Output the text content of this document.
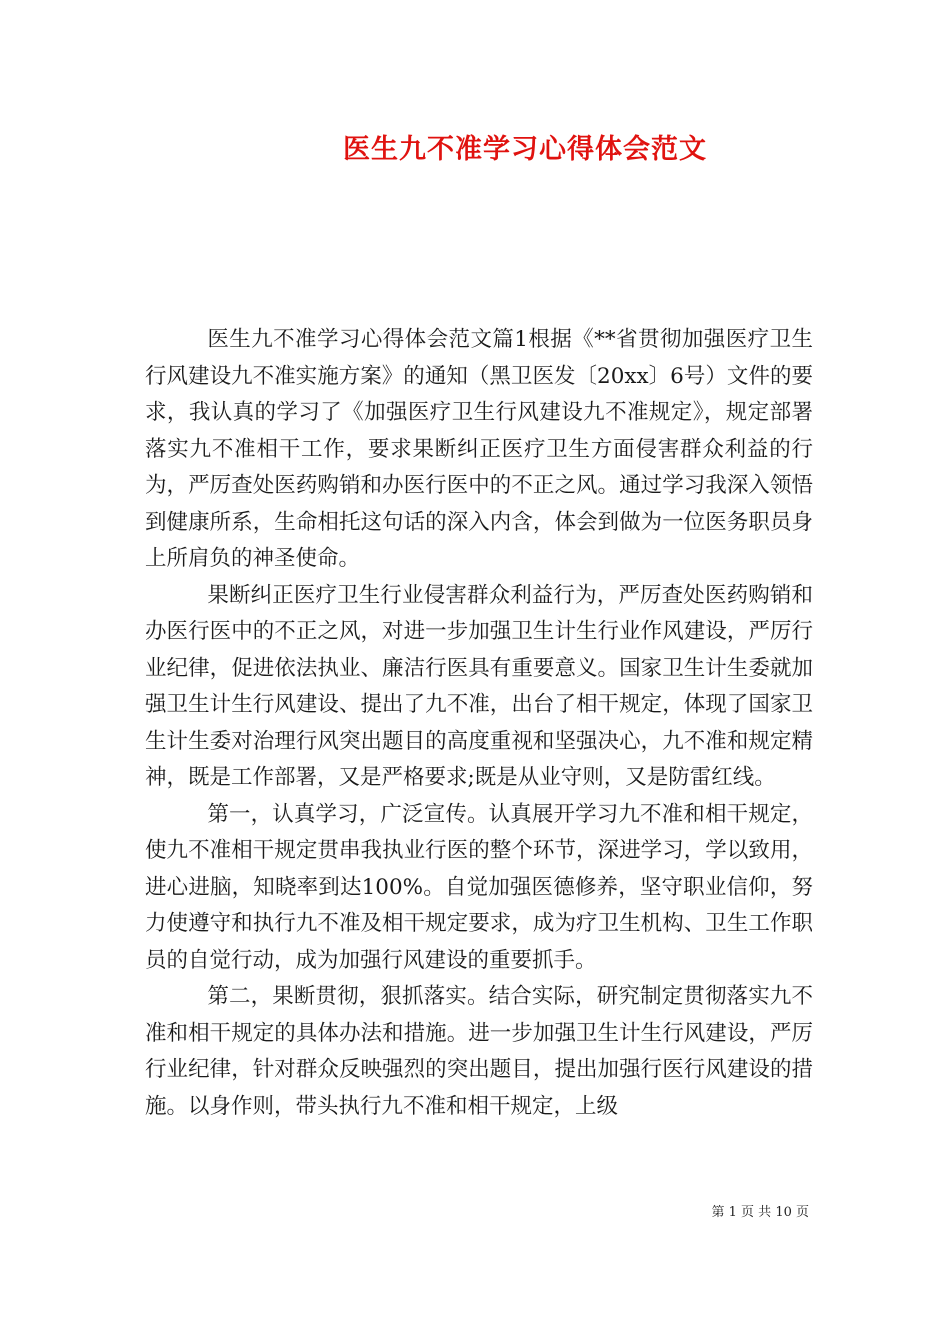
医生九不准学习心得体会范文

医生九不准学习心得体会范文篇1根据《**省贯彻加强医疗卫生行风建设九不准实施方案》的通知（黑卫医发〔20xx〕6号）文件的要求，我认真的学习了《加强医疗卫生行风建设九不准规定》，规定部署落实九不准相干工作，要求果断纠正医疗卫生方面侵害群众利益的行为，严厉查处医药购销和办医行医中的不正之风。通过学习我深入领悟到健康所系，生命相托这句话的深入内含，体会到做为一位医务职员身上所肩负的神圣使命。

果断纠正医疗卫生行业侵害群众利益行为，严厉查处医药购销和办医行医中的不正之风，对进一步加强卫生计生行业作风建设，严厉行业纪律，促进依法执业、廉洁行医具有重要意义。国家卫生计生委就加强卫生计生行风建设、提出了九不准，出台了相干规定，体现了国家卫生计生委对治理行风突出题目的高度重视和坚强决心，九不准和规定精神，既是工作部署，又是严格要求;既是从业守则，又是防雷红线。

第一，认真学习，广泛宣传。认真展开学习九不准和相干规定，使九不准相干规定贯串我执业行医的整个环节，深进学习，学以致用，进心进脑，知晓率到达100%。自觉加强医德修养，坚守职业信仰，努力使遵守和执行九不准及相干规定要求，成为疗卫生机构、卫生工作职员的自觉行动，成为加强行风建设的重要抓手。

第二，果断贯彻，狠抓落实。结合实际，研究制定贯彻落实九不准和相干规定的具体办法和措施。进一步加强卫生计生行风建设，严厉行业纪律，针对群众反映强烈的突出题目，提出加强行医行风建设的措施。以身作则，带头执行九不准和相干规定，上级

第 1 页 共 10 页
